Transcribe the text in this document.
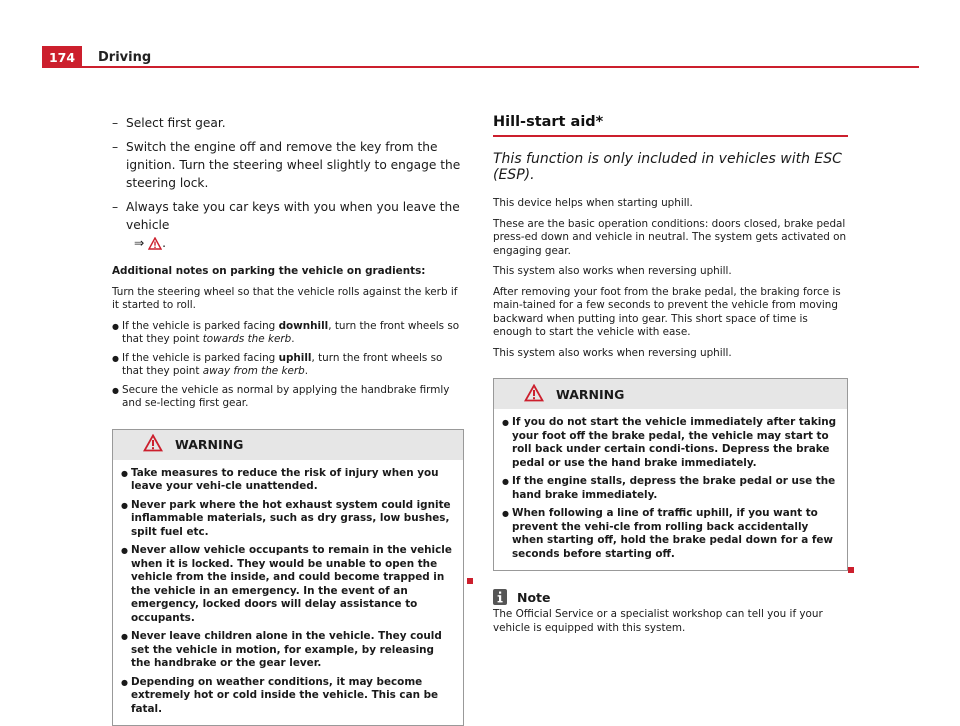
174	Driving
– Select first gear.
– Switch the engine off and remove the key from the ignition. Turn the steering wheel slightly to engage the steering lock.
– Always take you car keys with you when you leave the vehicle
⇒ .

Additional notes on parking the vehicle on gradients:

Turn the steering wheel so that the vehicle rolls against the kerb if it started to roll.

● If the vehicle is parked facing downhill, turn the front wheels so that they point towards the kerb.
● If the vehicle is parked facing uphill, turn the front wheels so that they point away from the kerb.
● Secure the vehicle as normal by applying the handbrake firmly and se-lecting first gear.
WARNING
● Take measures to reduce the risk of injury when you leave your vehi-cle unattended.
● Never park where the hot exhaust system could ignite inflammable materials, such as dry grass, low bushes, spilt fuel etc.
● Never allow vehicle occupants to remain in the vehicle when it is locked. They would be unable to open the vehicle from the inside, and could become trapped in the vehicle in an emergency. In the event of an emergency, locked doors will delay assistance to occupants.
● Never leave children alone in the vehicle. They could set the vehicle in motion, for example, by releasing the handbrake or the gear lever.
● Depending on weather conditions, it may become extremely hot or cold inside the vehicle. This can be fatal.
Hill-start aid*
This function is only included in vehicles with ESC (ESP).

This device helps when starting uphill.

These are the basic operation conditions: doors closed, brake pedal press-ed down and vehicle in neutral. The system gets activated on engaging gear.

This system also works when reversing uphill.

After removing your foot from the brake pedal, the braking force is main-tained for a few seconds to prevent the vehicle from moving backward when putting into gear. This short space of time is enough to start the vehicle with ease.

This system also works when reversing uphill.

WARNING
● If you do not start the vehicle immediately after taking your foot off the brake pedal, the vehicle may start to roll back under certain condi-tions. Depress the brake pedal or use the hand brake immediately.
● If the engine stalls, depress the brake pedal or use the hand brake immediately.
● When following a line of traffic uphill, if you want to prevent the vehi-cle from rolling back accidentally when starting off, hold the brake pedal down for a few seconds before starting off.
Note

The Official Service or a specialist workshop can tell you if your vehicle is equipped with this system.
